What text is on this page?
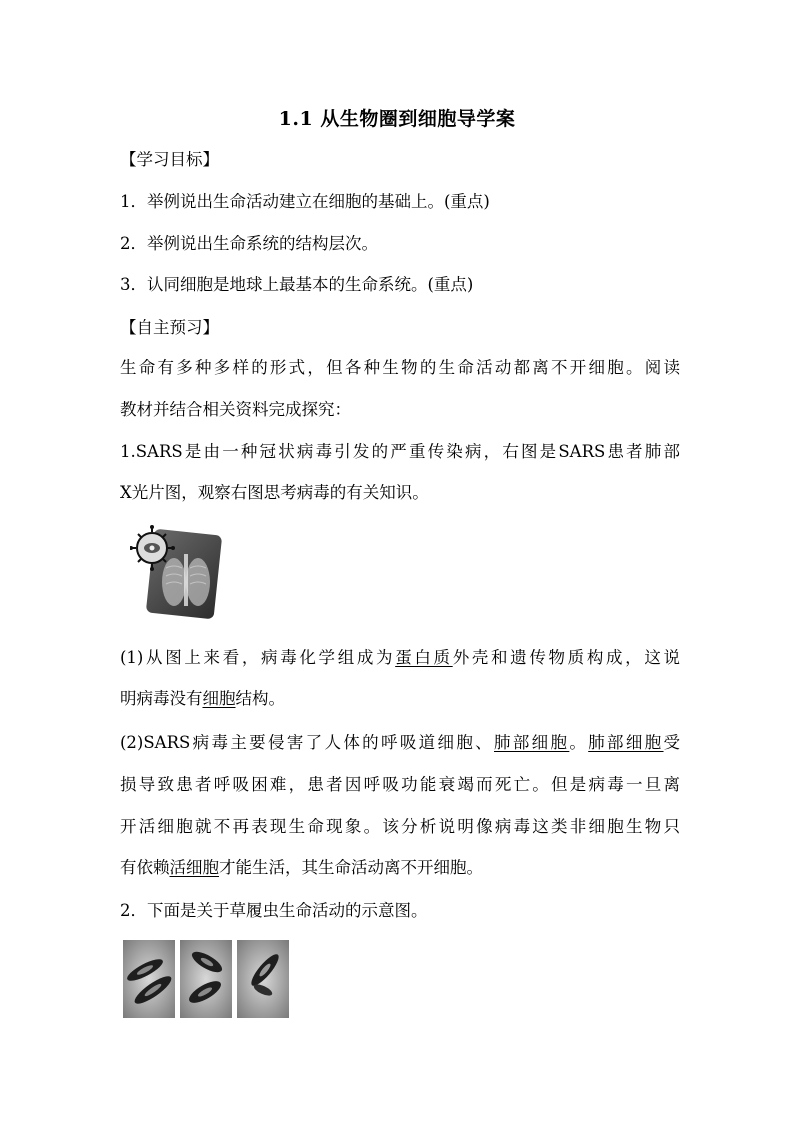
1.1 从生物圈到细胞导学案
【学习目标】
1．举例说出生命活动建立在细胞的基础上。(重点)
2．举例说出生命系统的结构层次。
3．认同细胞是地球上最基本的生命系统。(重点)
【自主预习】
生命有多种多样的形式，但各种生物的生命活动都离不开细胞。阅读
教材并结合相关资料完成探究：
1.SARS是由一种冠状病毒引发的严重传染病，右图是SARS患者肺部
X光片图，观察右图思考病毒的有关知识。
(1)从图上来看，病毒化学组成为蛋白质外壳和遗传物质构成，这说
明病毒没有细胞结构。
(2)SARS病毒主要侵害了人体的呼吸道细胞、肺部细胞。肺部细胞受
损导致患者呼吸困难，患者因呼吸功能衰竭而死亡。但是病毒一旦离
开活细胞就不再表现生命现象。该分析说明像病毒这类非细胞生物只
有依赖活细胞才能生活，其生命活动离不开细胞。
2．下面是关于草履虫生命活动的示意图。
